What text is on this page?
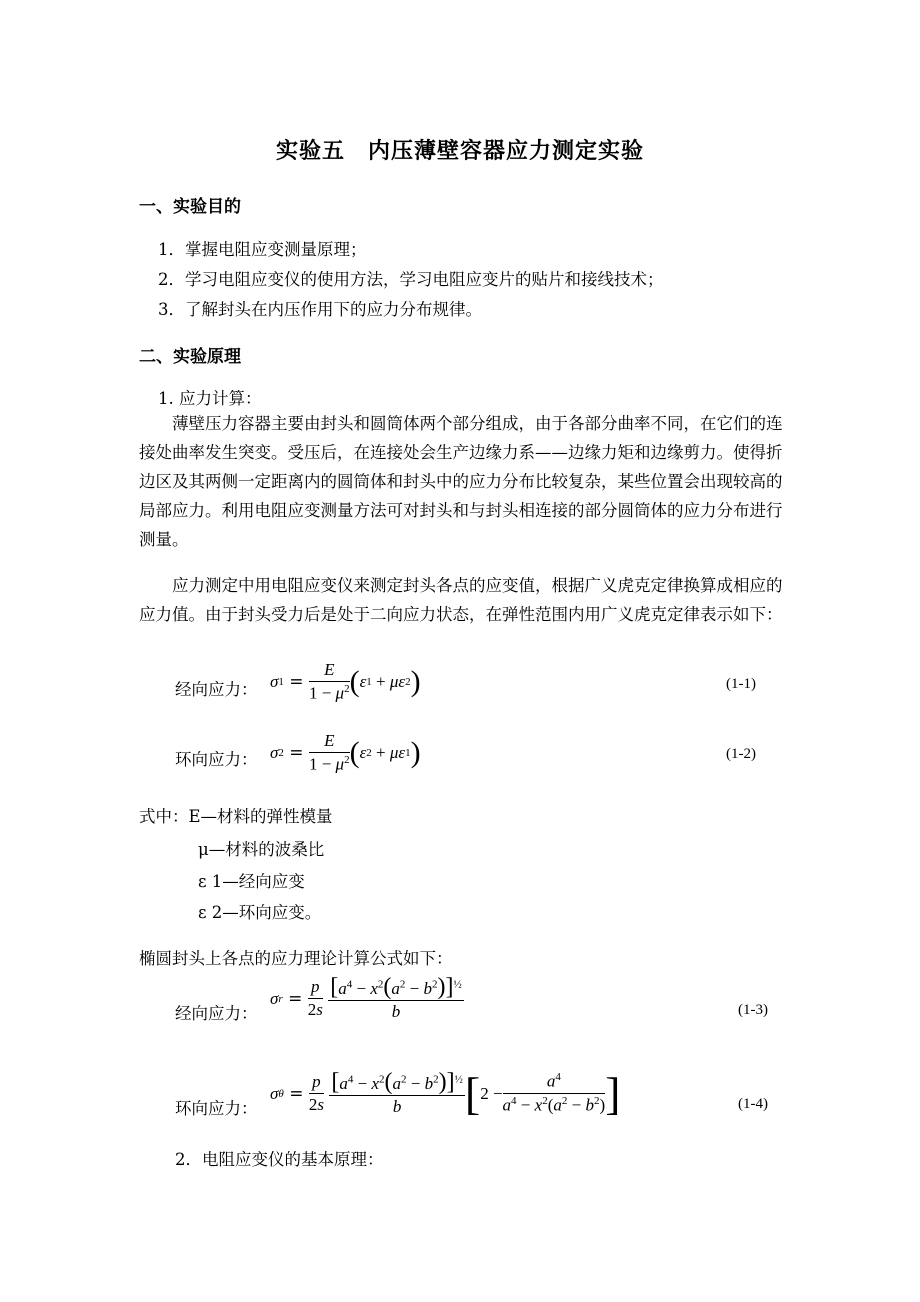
实验五　内压薄壁容器应力测定实验
一、实验目的
1．掌握电阻应变测量原理；
2．学习电阻应变仪的使用方法，学习电阻应变片的贴片和接线技术；
3．了解封头在内压作用下的应力分布规律。
二、实验原理
1. 应力计算：
薄壁压力容器主要由封头和圆筒体两个部分组成，由于各部分曲率不同，在它们的连接处曲率发生突变。受压后，在连接处会生产边缘力系——边缘力矩和边缘剪力。使得折边区及其两侧一定距离内的圆筒体和封头中的应力分布比较复杂，某些位置会出现较高的局部应力。利用电阻应变测量方法可对封头和与封头相连接的部分圆筒体的应力分布进行测量。
应力测定中用电阻应变仪来测定封头各点的应变值，根据广义虎克定律换算成相应的应力值。由于封头受力后是处于二向应力状态，在弹性范围内用广义虎克定律表示如下：
经向应力： σ $1 = \frac{E}{1 - \mu^2}$ ( ε 1 + με 2 )	(1-1)
环向应力： σ $2 = \frac{E}{1 - \mu^2}$ ( ε 2 + με 1 )	(1-2)
式中：E—材料的弹性模量
μ—材料的波桑比
ε 1—经向应变
ε 2—环向应变。
椭圆封头上各点的应力理论计算公式如下：
经向应力：
σ $r = \frac{p}{2s}$
$\frac{[a^4 - x^2(a^2 - b^2)]^{\frac{1}{2}}}{b}$	(1-3)
环向应力：
σ $\theta = \frac{p}{2s}$
$\frac{[a^4 - x^2(a^2 - b^2)]^{\frac{1}{2}}}{b}$ [ $2 - \frac{a^4}{a^4 - x^2(a^2 - b^2)}$ ]	(1-4)
2．电阻应变仪的基本原理：
